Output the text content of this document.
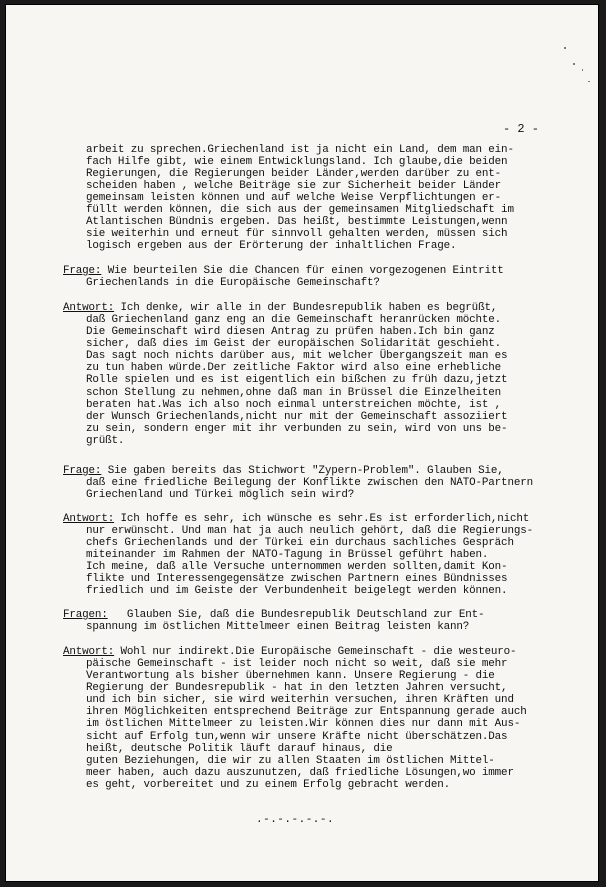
- 2 -
arbeit zu sprechen.Griechenland ist ja nicht ein Land, dem man ein-
fach Hilfe gibt, wie einem Entwicklungsland. Ich glaube,die beiden
Regierungen, die Regierungen beider Länder,werden darüber zu ent-
scheiden haben , welche Beiträge sie zur Sicherheit beider Länder
gemeinsam leisten können und auf welche Weise Verpflichtungen er-
füllt werden können, die sich aus der gemeinsamen Mitgliedschaft im
Atlantischen Bündnis ergeben. Das heißt, bestimmte Leistungen,wenn
sie weiterhin und erneut für sinnvoll gehalten werden, müssen sich
logisch ergeben aus der Erörterung der inhaltlichen Frage.
Frage: Wie beurteilen Sie die Chancen für einen vorgezogenen Eintritt
Griechenlands in die Europäische Gemeinschaft?
Antwort: Ich denke, wir alle in der Bundesrepublik haben es begrüßt,
daß Griechenland ganz eng an die Gemeinschaft heranrücken möchte.
Die Gemeinschaft wird diesen Antrag zu prüfen haben.Ich bin ganz
sicher, daß dies im Geist der europäischen Solidarität geschieht.
Das sagt noch nichts darüber aus, mit welcher Übergangszeit man es
zu tun haben würde.Der zeitliche Faktor wird also eine erhebliche
Rolle spielen und es ist eigentlich ein bißchen zu früh dazu,jetzt
schon Stellung zu nehmen,ohne daß man in Brüssel die Einzelheiten
beraten hat.Was ich also noch einmal unterstreichen möchte, ist ,
der Wunsch Griechenlands,nicht nur mit der Gemeinschaft assoziiert
zu sein, sondern enger mit ihr verbunden zu sein, wird von uns be-
grüßt.
Frage: Sie gaben bereits das Stichwort "Zypern-Problem". Glauben Sie,
daß eine friedliche Beilegung der Konflikte zwischen den NATO-Partnern
Griechenland und Türkei möglich sein wird?
Antwort: Ich hoffe es sehr, ich wünsche es sehr.Es ist erforderlich,nicht
nur erwünscht. Und man hat ja auch neulich gehört, daß die Regierungs-
chefs Griechenlands und der Türkei ein durchaus sachliches Gespräch
miteinander im Rahmen der NATO-Tagung in Brüssel geführt haben.
Ich meine, daß alle Versuche unternommen werden sollten,damit Kon-
flikte und Interessengegensätze zwischen Partnern eines Bündnisses
friedlich und im Geiste der Verbundenheit beigelegt werden können.
Fragen:   Glauben Sie, daß die Bundesrepublik Deutschland zur Ent-
spannung im östlichen Mittelmeer einen Beitrag leisten kann?
Antwort: Wohl nur indirekt.Die Europäische Gemeinschaft - die westeuro-
päische Gemeinschaft - ist leider noch nicht so weit, daß sie mehr
Verantwortung als bisher übernehmen kann. Unsere Regierung - die
Regierung der Bundesrepublik - hat in den letzten Jahren versucht,
und ich bin sicher, sie wird weiterhin versuchen, ihren Kräften und
ihren Möglichkeiten entsprechend Beiträge zur Entspannung gerade auch
im östlichen Mittelmeer zu leisten.Wir können dies nur dann mit Aus-
sicht auf Erfolg tun,wenn wir unsere Kräfte nicht überschätzen.Das
heißt, deutsche Politik läuft darauf hinaus, die
guten Beziehungen, die wir zu allen Staaten im östlichen Mittel-
meer haben, auch dazu auszunutzen, daß friedliche Lösungen,wo immer
es geht, vorbereitet und zu einem Erfolg gebracht werden.
.-.-.-.-.-.
